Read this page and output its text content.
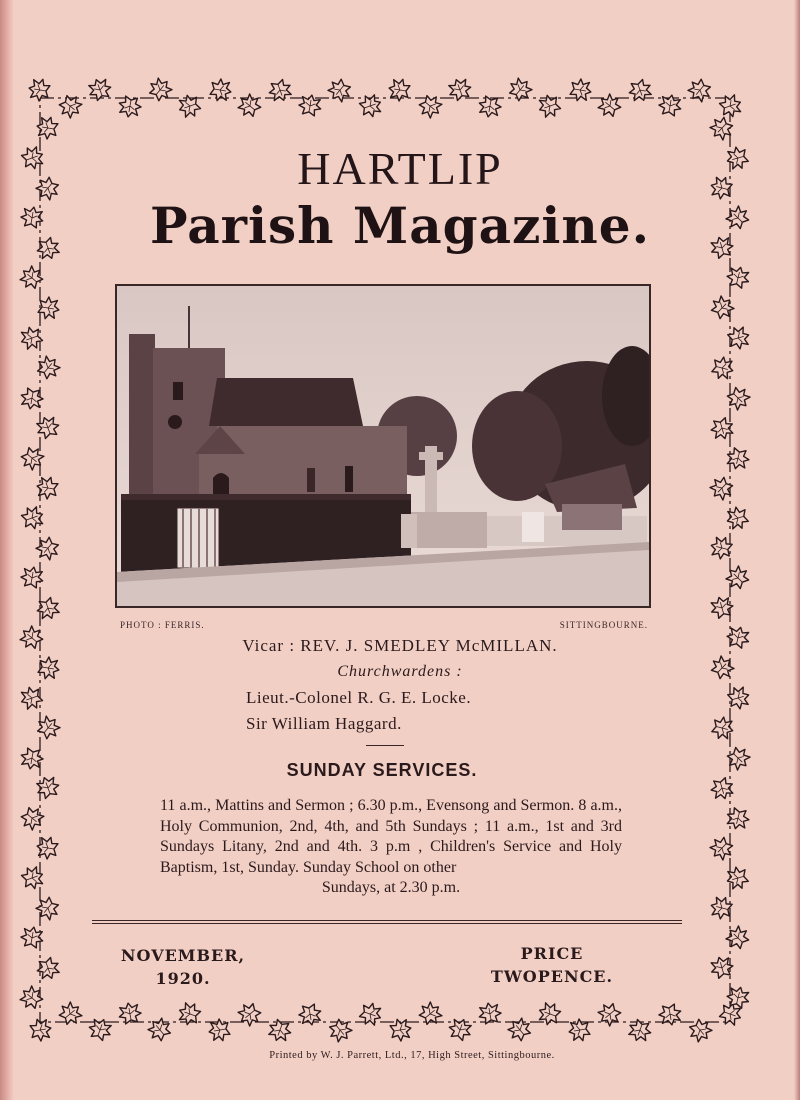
HARTLIP
Parish Magazine.
PHOTO : FERRIS.	SITTINGBOURNE.
Vicar : REV. J. SMEDLEY McMILLAN.
Churchwardens :
Lieut.-Colonel R. G. E. Locke.
Sir William Haggard.
SUNDAY SERVICES.
11 a.m., Mattins and Sermon ; 6.30 p.m., Evensong and Sermon. 8 a.m., Holy Communion, 2nd, 4th, and 5th Sundays ; 11 a.m., 1st and 3rd Sundays Litany, 2nd and 4th. 3 p.m , Children's Service and Holy Baptism, 1st, Sunday. Sunday School on other
Sundays, at 2.30 p.m.
NOVEMBER,
1920.
PRICE
TWOPENCE.
Printed by W. J. Parrett, Ltd., 17, High Street, Sittingbourne.
